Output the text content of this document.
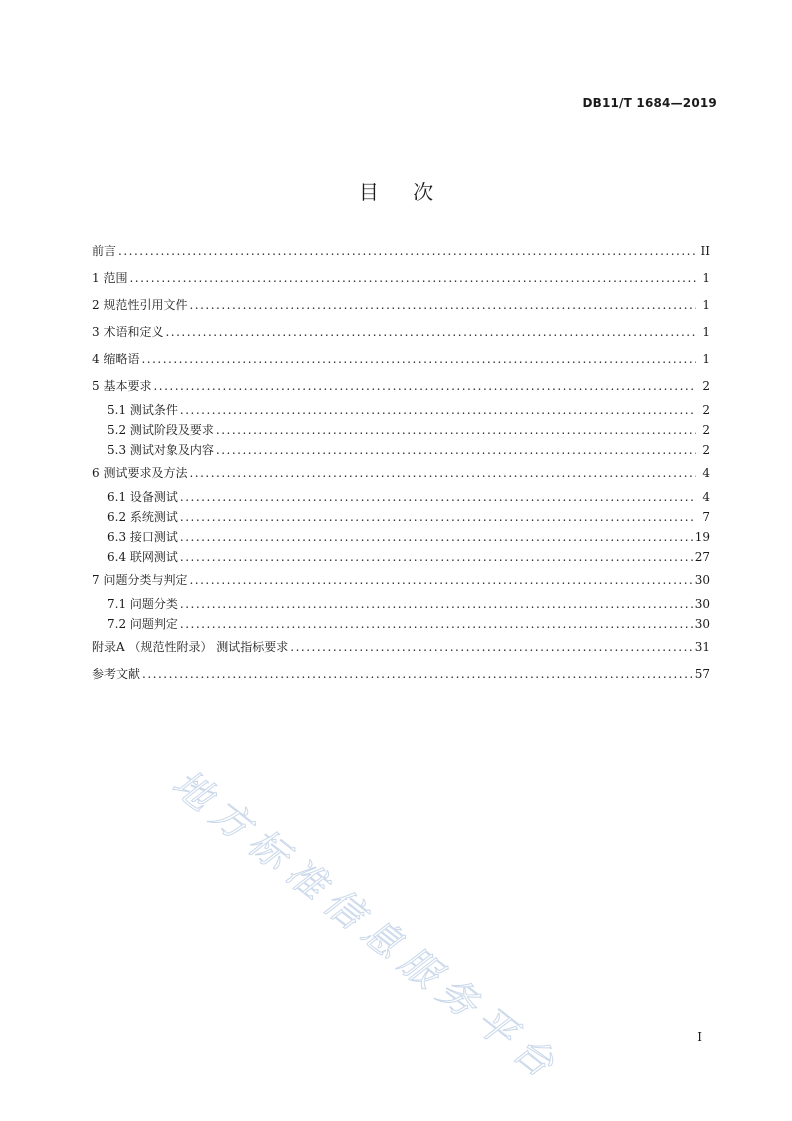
DB11/T 1684—2019
目 次
前言 .....	II
1 范围 .....	1
2 规范性引用文件 .....	1
3 术语和定义 .....	1
4 缩略语 .....	1
5 基本要求 .....	2
5.1 测试条件 .....	2
5.2 测试阶段及要求 .....	2
5.3 测试对象及内容 .....	2
6 测试要求及方法 .....	4
6.1 设备测试 .....	4
6.2 系统测试 .....	7
6.3 接口测试 .....	19
6.4 联网测试 .....	27
7 问题分类与判定 .....	30
7.1 问题分类 .....	30
7.2 问题判定 .....	30
附录A （规范性附录） 测试指标要求 .....	31
参考文献 .....	57
地方标准信息服务平台	I
